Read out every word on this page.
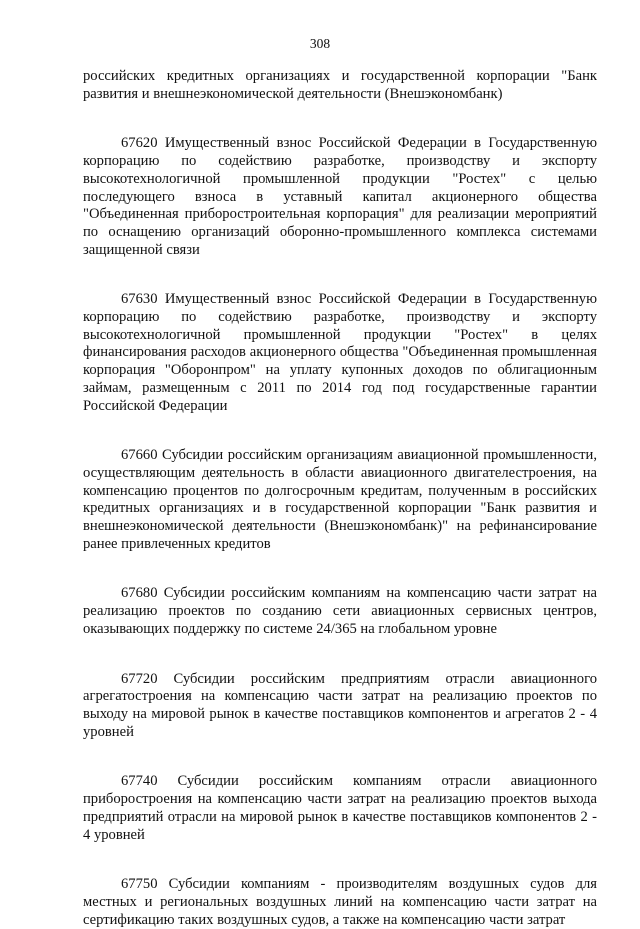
308

российских кредитных организациях и государственной корпорации "Банк развития и внешнеэкономической деятельности (Внешэкономбанк)

67620 Имущественный взнос Российской Федерации в Государственную корпорацию по содействию разработке, производству и экспорту высокотехнологичной промышленной продукции "Ростех" с целью последующего взноса в уставный капитал акционерного общества "Объединенная приборостроительная корпорация" для реализации мероприятий по оснащению организаций оборонно-промышленного комплекса системами защищенной связи

67630 Имущественный взнос Российской Федерации в Государственную корпорацию по содействию разработке, производству и экспорту высокотехнологичной промышленной продукции "Ростех" в целях финансирования расходов акционерного общества "Объединенная промышленная корпорация "Оборонпром" на уплату купонных доходов по облигационным займам, размещенным с 2011 по 2014 год под государственные гарантии Российской Федерации

67660 Субсидии российским организациям авиационной промышленности, осуществляющим деятельность в области авиационного двигателестроения, на компенсацию процентов по долгосрочным кредитам, полученным в российских кредитных организациях и в государственной корпорации "Банк развития и внешнеэкономической деятельности (Внешэкономбанк)" на рефинансирование ранее привлеченных кредитов

67680 Субсидии российским компаниям на компенсацию части затрат на реализацию проектов по созданию сети авиационных сервисных центров, оказывающих поддержку по системе 24/365 на глобальном уровне

67720 Субсидии российским предприятиям отрасли авиационного агрегатостроения на компенсацию части затрат на реализацию проектов по выходу на мировой рынок в качестве поставщиков компонентов и агрегатов 2 - 4 уровней

67740 Субсидии российским компаниям отрасли авиационного приборостроения на компенсацию части затрат на реализацию проектов выхода предприятий отрасли на мировой рынок в качестве поставщиков компонентов 2 - 4 уровней

67750 Субсидии компаниям - производителям воздушных судов для местных и региональных воздушных линий на компенсацию части затрат на сертификацию таких воздушных судов, а также на компенсацию части затрат
